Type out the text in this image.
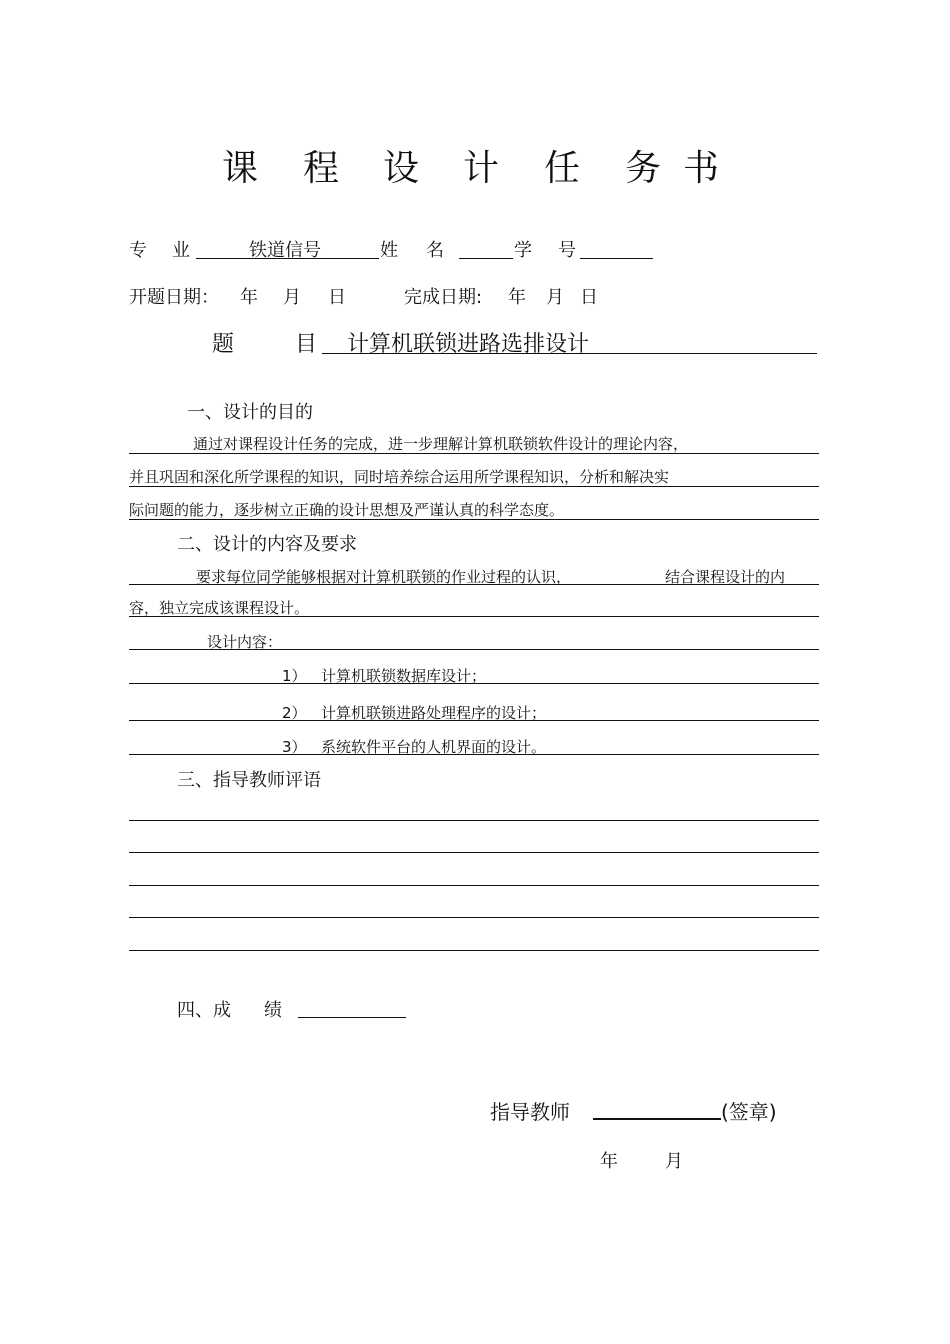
课 程 设 计 任 务 书
专 业	铁道信号	姓 名	学 号
开题日期： 年 月 日	完成日期: 年 月 日
题	目 计算机联锁进路选排设计
一、设计的目的
通过对课程设计任务的完成，进一步理解计算机联锁软件设计的理论内容，
并且巩固和深化所学课程的知识，同时培养综合运用所学课程知识，分析和解决实
际问题的能力，逐步树立正确的设计思想及严谨认真的科学态度。
二、设计的内容及要求
要求每位同学能够根据对计算机联锁的作业过程的认识，	结合课程设计的内
容，独立完成该课程设计。
设计内容：
1） 计算机联锁数据库设计；
2） 计算机联锁进路处理程序的设计；
3） 系统软件平台的人机界面的设计。
三、指导教师评语
四、成 绩
指导教师	(签章)
年	月
